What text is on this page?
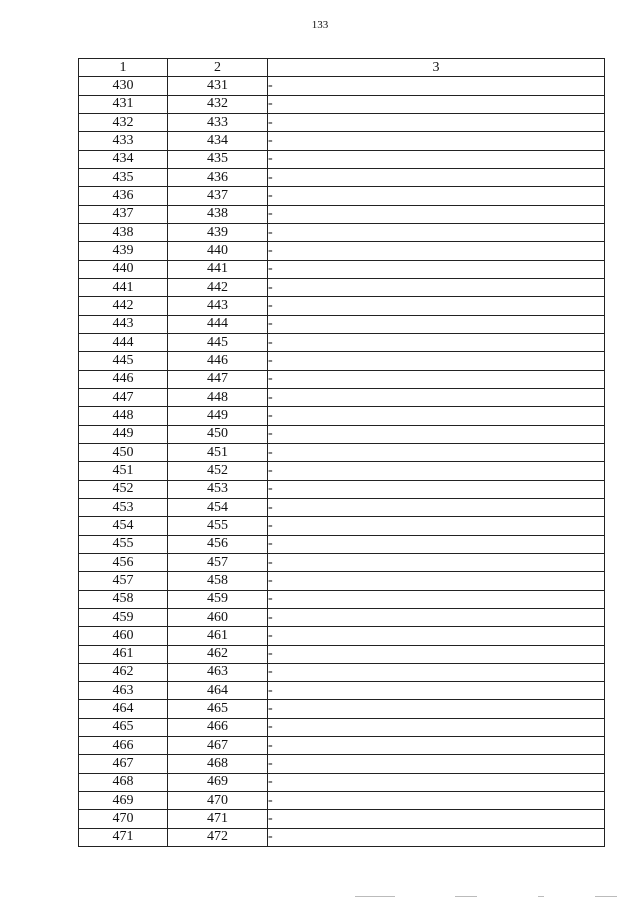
133
1	2	3
430	431	-
431	432	-
432	433	-
433	434	-
434	435	-
435	436	-
436	437	-
437	438	-
438	439	-
439	440	-
440	441	-
441	442	-
442	443	-
443	444	-
444	445	-
445	446	-
446	447	-
447	448	-
448	449	-
449	450	-
450	451	-
451	452	-
452	453	-
453	454	-
454	455	-
455	456	-
456	457	-
457	458	-
458	459	-
459	460	-
460	461	-
461	462	-
462	463	-
463	464	-
464	465	-
465	466	-
466	467	-
467	468	-
468	469	-
469	470	-
470	471	-
471	472	-
